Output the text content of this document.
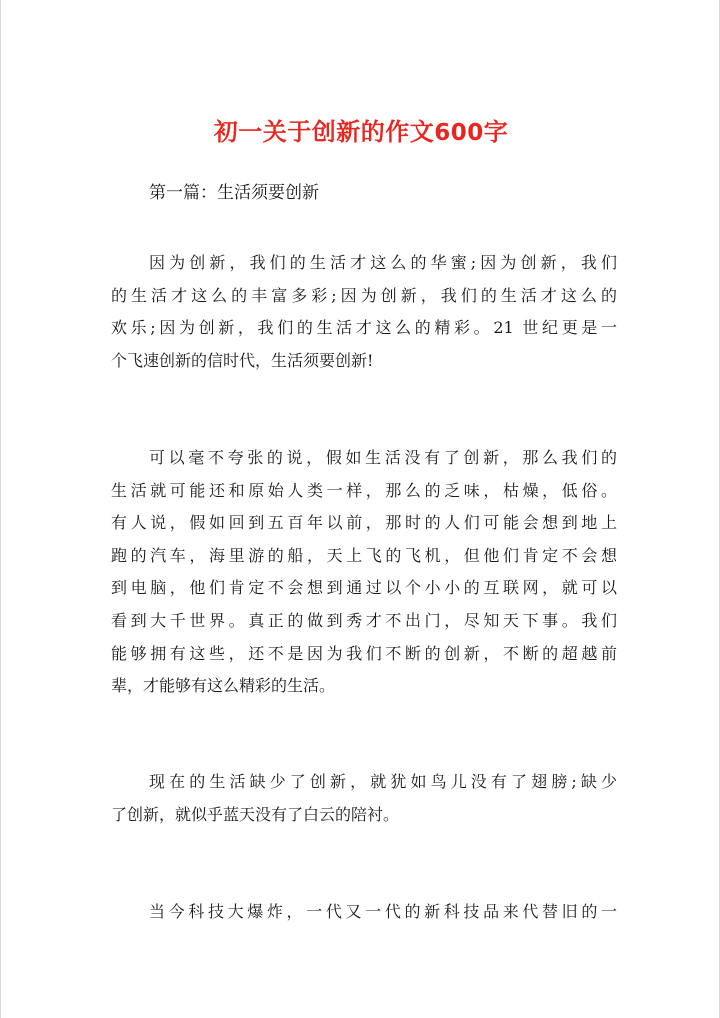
初一关于创新的作文600字

第一篇：生活须要创新

因为创新，我们的生活才这么的华蜜;因为创新，我们
的生活才这么的丰富多彩;因为创新，我们的生活才这么的
欢乐;因为创新，我们的生活才这么的精彩。21 世纪更是一
个飞速创新的信时代，生活须要创新!
可以毫不夸张的说，假如生活没有了创新，那么我们的
生活就可能还和原始人类一样，那么的乏味，枯燥，低俗。
有人说，假如回到五百年以前，那时的人们可能会想到地上
跑的汽车，海里游的船，天上飞的飞机，但他们肯定不会想
到电脑，他们肯定不会想到通过以个小小的互联网，就可以
看到大千世界。真正的做到秀才不出门，尽知天下事。我们
能够拥有这些，还不是因为我们不断的创新，不断的超越前
辈，才能够有这么精彩的生活。
现在的生活缺少了创新，就犹如鸟儿没有了翅膀;缺少
了创新，就似乎蓝天没有了白云的陪衬。
当今科技大爆炸，一代又一代的新科技品来代替旧的一
